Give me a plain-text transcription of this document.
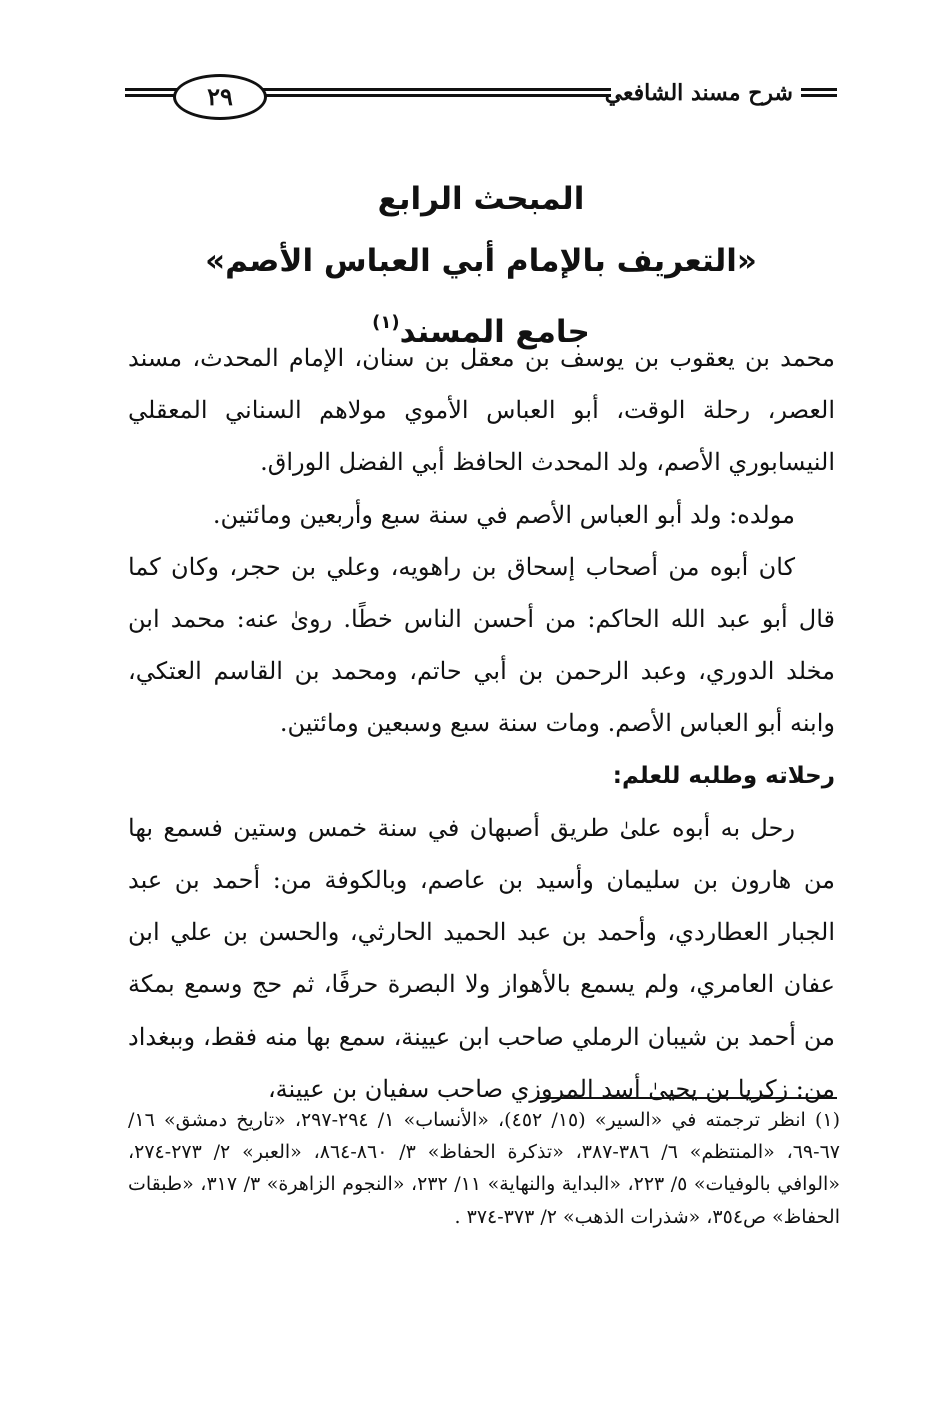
شرح مسند الشافعي
٢٩

المبحث الرابع

«التعريف بالإمام أبي العباس الأصم»

جامع المسند$^{(١)}$

محمد بن يعقوب بن يوسف بن معقل بن سنان، الإمام المحدث، مسند العصر، رحلة الوقت، أبو العباس الأموي مولاهم السناني المعقلي النيسابوري الأصم، ولد المحدث الحافظ أبي الفضل الوراق.

مولده: ولد أبو العباس الأصم في سنة سبع وأربعين ومائتين.

كان أبوه من أصحاب إسحاق بن راهويه، وعلي بن حجر، وكان كما قال أبو عبد الله الحاكم: من أحسن الناس خطًا. روىٰ عنه: محمد ابن مخلد الدوري، وعبد الرحمن بن أبي حاتم، ومحمد بن القاسم العتكي، وابنه أبو العباس الأصم. ومات سنة سبع وسبعين ومائتين.

رحلاته وطلبه للعلم:

رحل به أبوه علىٰ طريق أصبهان في سنة خمس وستين فسمع بها من هارون بن سليمان وأسيد بن عاصم، وبالكوفة من: أحمد بن عبد الجبار العطاردي، وأحمد بن عبد الحميد الحارثي، والحسن بن علي ابن عفان العامري، ولم يسمع بالأهواز ولا البصرة حرفًا، ثم حج وسمع بمكة من أحمد بن شيبان الرملي صاحب ابن عيينة، سمع بها منه فقط، وببغداد من: زكريا بن يحيىٰ أسد المروزي صاحب سفيان بن عيينة،

(١) انظر ترجمته في «السير» (١٥/ ٤٥٢)، «الأنساب» ١/ ٢٩٤-٢٩٧، «تاريخ دمشق» ١٦/ ٦٧-٦٩، «المنتظم» ٦/ ٣٨٦-٣٨٧، «تذكرة الحفاظ» ٣/ ٨٦٠-٨٦٤، «العبر» ٢/ ٢٧٣-٢٧٤، «الوافي بالوفيات» ٥/ ٢٢٣، «البداية والنهاية» ١١/ ٢٣٢، «النجوم الزاهرة» ٣/ ٣١٧، «طبقات الحفاظ» ص٣٥٤، «شذرات الذهب» ٢/ ٣٧٣-٣٧٤ .
